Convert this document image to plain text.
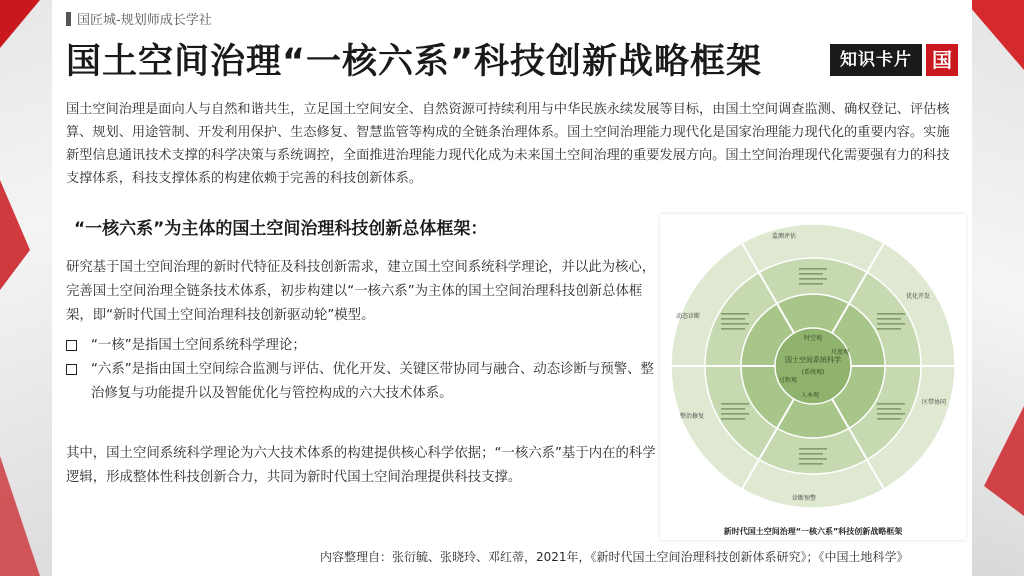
国匠城-规划师成长学社
国土空间治理“一核六系”科技创新战略框架	知识卡片	国
国土空间治理是面向人与自然和谐共生，立足国土空间安全、自然资源可持续利用与中华民族永续发展等目标，由国土空间调查监测、确权登记、评估核算、规划、用途管制、开发利用保护、生态修复、智慧监管等构成的全链条治理体系。国土空间治理能力现代化是国家治理能力现代化的重要内容。实施新型信息通讯技术支撑的科学决策与系统调控，全面推进治理能力现代化成为未来国土空间治理的重要发展方向。国土空间治理现代化需要强有力的科技支撑体系，科技支撑体系的构建依赖于完善的科技创新体系。
“一核六系”为主体的国土空间治理科技创新总体框架：
研究基于国土空间治理的新时代特征及科技创新需求，建立国土空间系统科学理论，并以此为核心，完善国土空间治理全链条技术体系，初步构建以“一核六系”为主体的国土空间治理科技创新总体框架，即“新时代国土空间治理科技创新驱动轮”模型。
“一核”是指国土空间系统科学理论；
“六系”是指由国土空间综合监测与评估、优化开发、关键区带协同与融合、动态诊断与预警、整治修复与功能提升以及智能优化与管控构成的六大技术体系。
其中，国土空间系统科学理论为六大技术体系的构建提供核心科学依据；“一核六系”基于内在的科学逻辑，形成整体性科技创新合力，共同为新时代国土空间治理提供科技支撑。
国土空间系统科学
(系统观)
时空观
尺度观
人本观
过程观
监测评估
优化开发
区带协同
动态诊断
整治修复
诊断预警
新时代国土空间治理“一核六系”科技创新战略框架
内容整理自：张衍毓、张晓玲、邓红蒂，2021年，《新时代国土空间治理科技创新体系研究》；《中国土地科学》
